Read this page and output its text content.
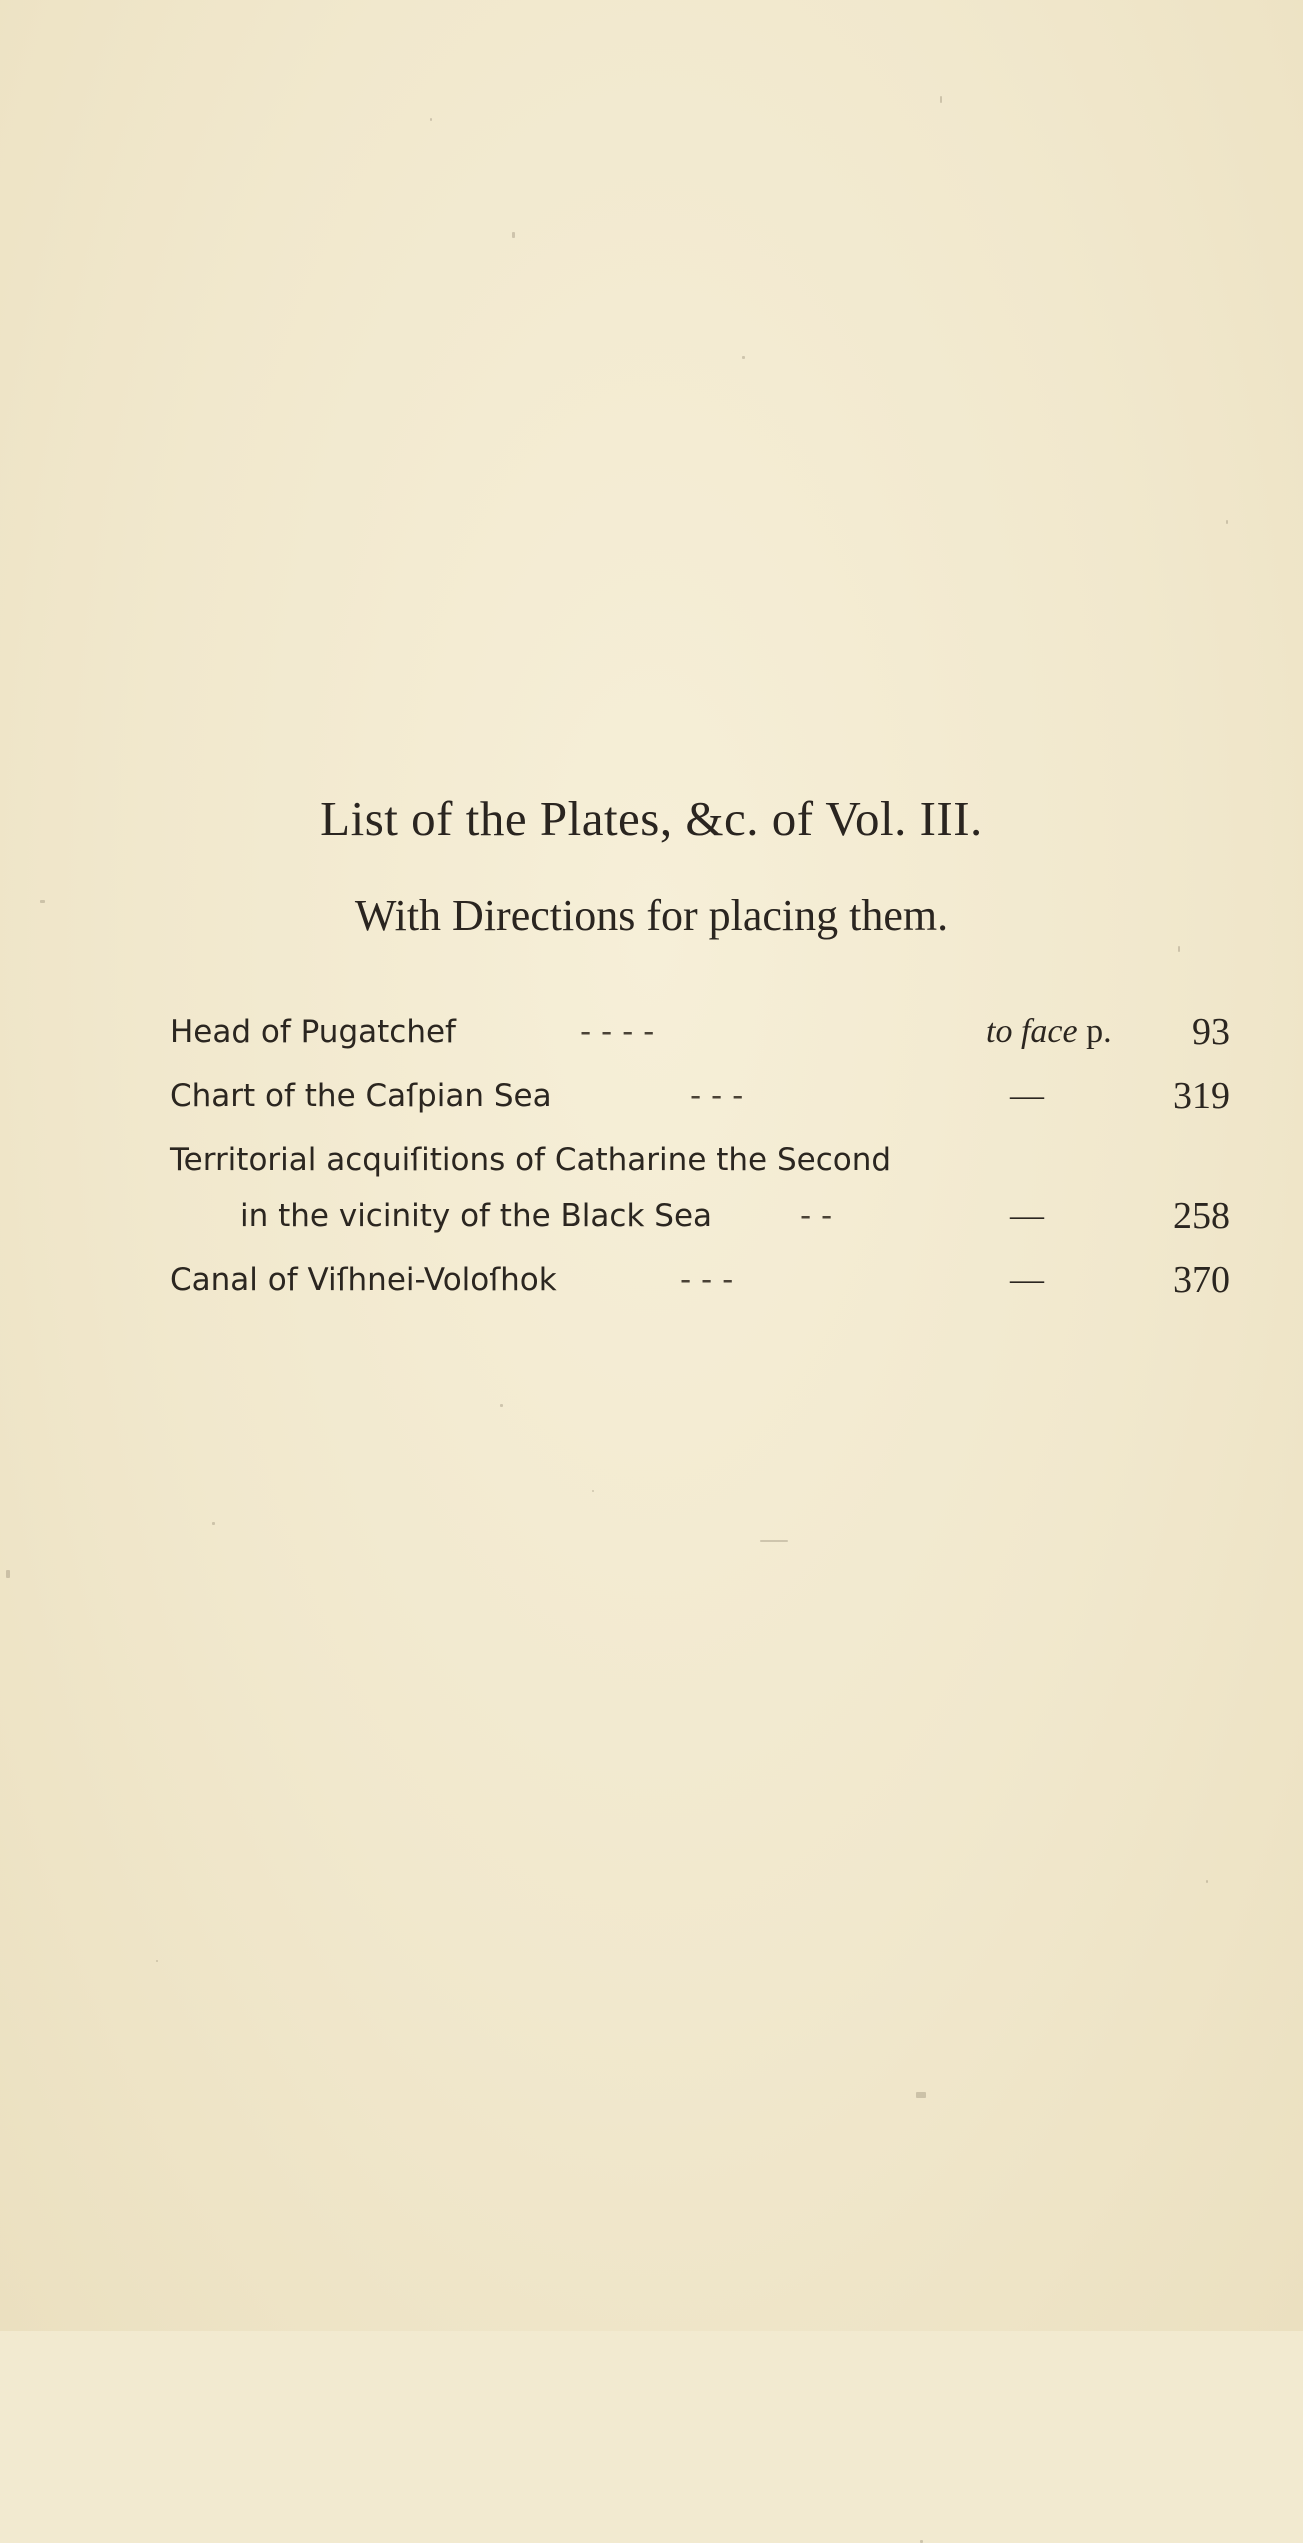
List of the Plates, &c. of Vol. III.
With Directions for placing them.
Head of Pugatchef	- - - -	to face p.	93
Chart of the Caſpian Sea	- - -	—	319
Territorial acquiſitions of Catharine the Second
in the vicinity of the Black Sea	- -	—	258
Canal of Viſhnei-Voloſhok	- - -	—	370
